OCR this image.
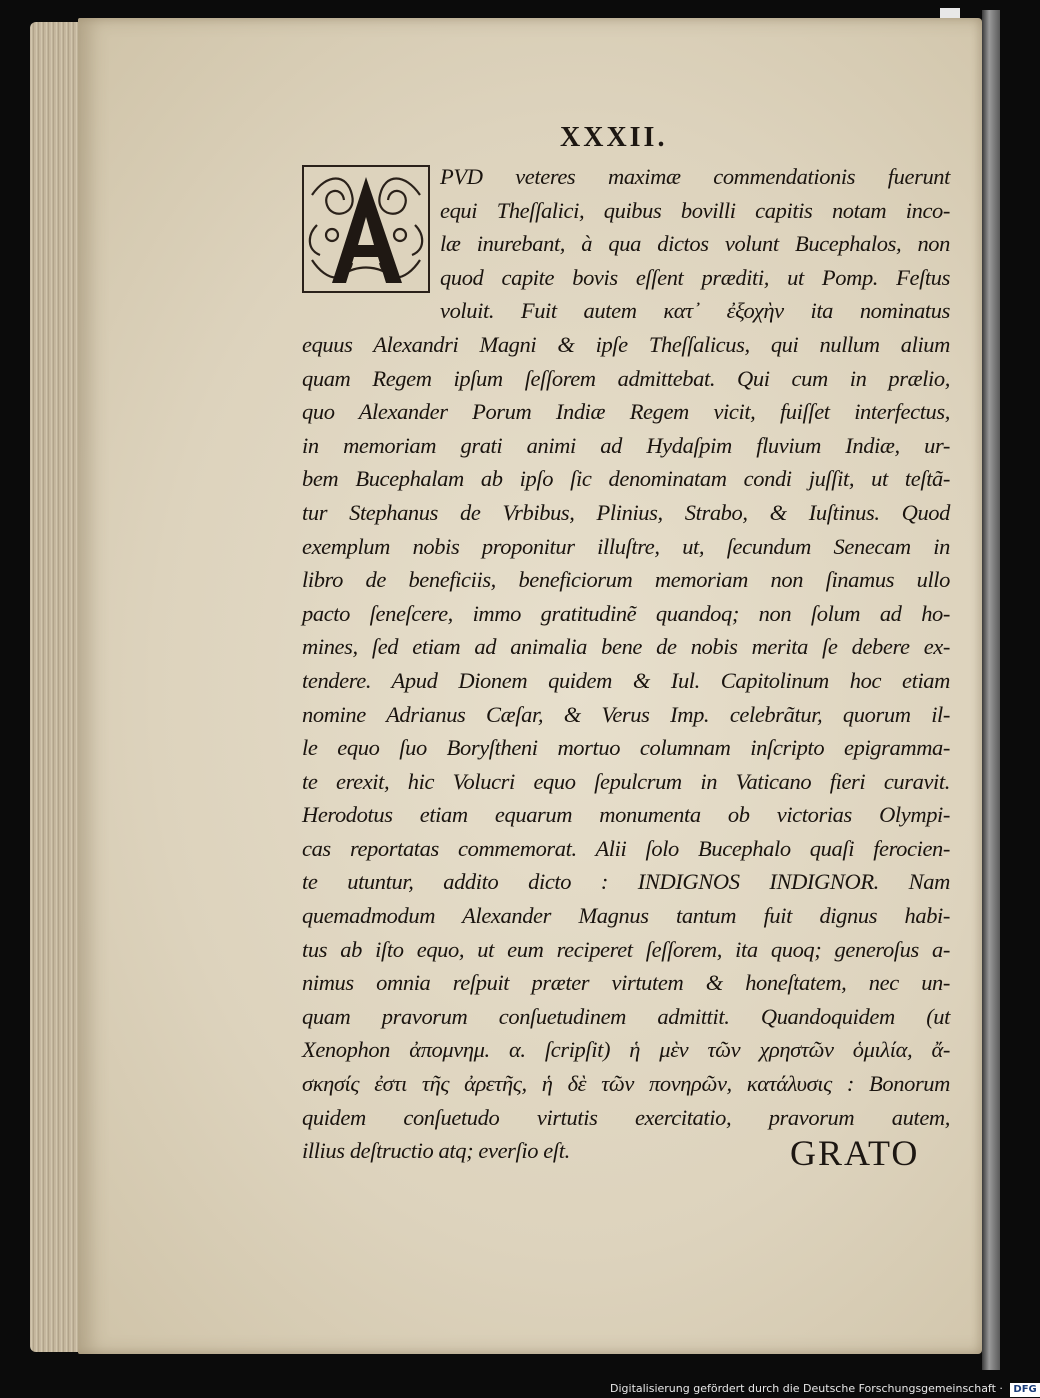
XXXII.
PVD veteres maximæ commendationis fuerunt
equi Theſſalici, quibus bovilli capitis notam inco-
læ inurebant, à qua dictos volunt Bucephalos, non
quod capite bovis eſſent præditi, ut Pomp. Feſtus
voluit. Fuit autem κατ᾽ ἐξοχὴν ita nominatus
equus Alexandri Magni & ipſe Theſſalicus, qui nullum alium
quam Regem ipſum ſeſſorem admittebat. Qui cum in prælio,
quo Alexander Porum Indiæ Regem vicit, fuiſſet interfectus,
in memoriam grati animi ad Hydaſpim fluvium Indiæ, ur-
bem Bucephalam ab ipſo ſic denominatam condi juſſit, ut teſtã-
tur Stephanus de Vrbibus, Plinius, Strabo, & Iuſtinus. Quod
exemplum nobis proponitur illuſtre, ut, ſecundum Senecam in
libro de beneficiis, beneficiorum memoriam non ſinamus ullo
pacto ſeneſcere, immo gratitudinẽ quandoq; non ſolum ad ho-
mines, ſed etiam ad animalia bene de nobis merita ſe debere ex-
tendere. Apud Dionem quidem & Iul. Capitolinum hoc etiam
nomine Adrianus Cæſar, & Verus Imp. celebrãtur, quorum il-
le equo ſuo Boryſtheni mortuo columnam inſcripto epigramma-
te erexit, hic Volucri equo ſepulcrum in Vaticano fieri curavit.
Herodotus etiam equarum monumenta ob victorias Olympi-
cas reportatas commemorat. Alii ſolo Bucephalo quaſi ferocien-
te utuntur, addito dicto : INDIGNOS INDIGNOR. Nam
quemadmodum Alexander Magnus tantum fuit dignus habi-
tus ab iſto equo, ut eum reciperet ſeſſorem, ita quoq; generoſus a-
nimus omnia reſpuit præter virtutem & honeſtatem, nec un-
quam pravorum conſuetudinem admittit. Quandoquidem (ut
Xenophon ἀπομνημ. α. ſcripſit) ἡ μὲν τῶν χρηστῶν ὁμιλία, ἄ-
σκησίς ἐστι τῆς ἀρετῆς, ἡ δὲ τῶν πονηρῶν, κατάλυσις : Bonorum
quidem conſuetudo virtutis exercitatio, pravorum autem,
illius deſtructio atq; everſio eſt.	GRATO
Digitalisierung gefördert durch die Deutsche Forschungsgemeinschaft · DFG
